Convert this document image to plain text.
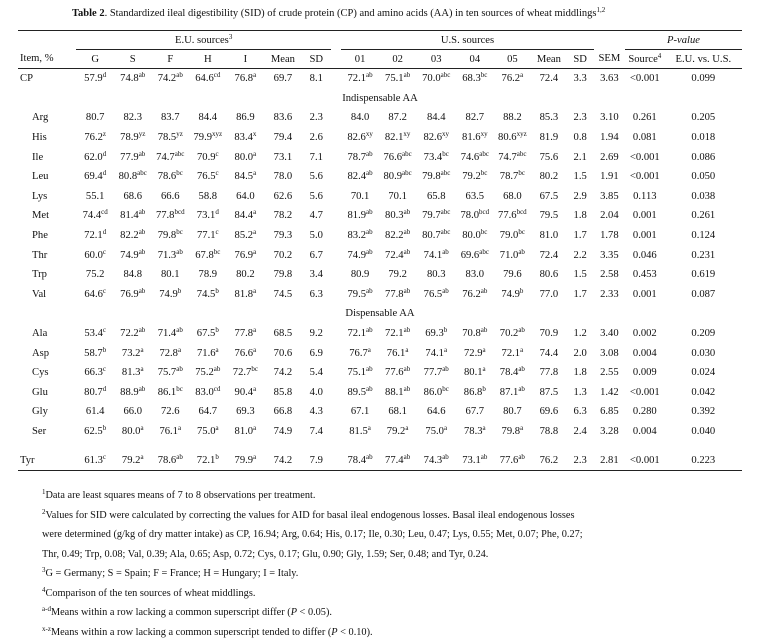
Table 2. Standardized ileal digestibility (SID) of crude protein (CP) and amino acids (AA) in ten sources of wheat middlings$^{1,2}$
	E.U. sources$^3$								U.S. sources								P-value	
Item, %	G	S	F	H	I	Mean	SD		01	02	03	04	05	Mean	SD	SEM	Source$^4$	E.U. vs. U.S.
CP	57.9$^d$	74.8$^{ab}$	74.2$^{ab}$	64.6$^{cd}$	76.8$^a$	69.7	8.1		72.1$^{ab}$	75.1$^{ab}$	70.0$^{abc}$	68.3$^{bc}$	76.2$^a$	72.4	3.3	3.63	<0.001	0.099
Indispensable AA																		
Arg	80.7	82.3	83.7	84.4	86.9	83.6	2.3		84.0	87.2	84.4	82.7	88.2	85.3	2.3	3.10	0.261	0.205
His	76.2$^z$	$78.9^{yz}$	$78.5^{yz}$	$79.9^{xyz}$	83.4$^x$	79.4	2.6		$82.6^{xy}$	$82.1^{xy}$	$82.6^{xy}$	$81.6^{xy}$	$80.6^{xyz}$	81.9	0.8	1.94	0.081	0.018
Ile	62.0$^d$	77.9$^{ab}$	74.7$^{abc}$	70.9$^c$	80.0$^a$	73.1	7.1		78.7$^{ab}$	76.6$^{abc}$	73.4$^{bc}$	74.6$^{abc}$	74.7$^{abc}$	75.6	2.1	2.69	<0.001	0.086
Leu	69.4$^d$	80.8$^{abc}$	78.6$^{bc}$	76.5$^c$	84.5$^a$	78.0	5.6		82.4$^{ab}$	80.9$^{abc}$	79.8$^{abc}$	79.2$^{bc}$	78.7$^{bc}$	80.2	1.5	1.91	<0.001	0.050
Lys	55.1	68.6	66.6	58.8	64.0	62.6	5.6		70.1	70.1	65.8	63.5	68.0	67.5	2.9	3.85	0.113	0.038
Met	74.4$^{cd}$	81.4$^{ab}$	77.8$^{bcd}$	73.1$^d$	84.4$^a$	78.2	4.7		81.9$^{ab}$	80.3$^{ab}$	79.7$^{abc}$	78.0$^{bcd}$	77.6$^{bcd}$	79.5	1.8	2.04	0.001	0.261
Phe	72.1$^d$	82.2$^{ab}$	79.8$^{bc}$	77.1$^c$	85.2$^a$	79.3	5.0		83.2$^{ab}$	82.2$^{ab}$	80.7$^{abc}$	80.0$^{bc}$	79.0$^{bc}$	81.0	1.7	1.78	0.001	0.124
Thr	60.0$^c$	74.9$^{ab}$	71.3$^{ab}$	67.8$^{bc}$	76.9$^a$	70.2	6.7		74.9$^{ab}$	72.4$^{ab}$	74.1$^{ab}$	69.6$^{abc}$	71.0$^{ab}$	72.4	2.2	3.35	0.046	0.231
Trp	75.2	84.8	80.1	78.9	80.2	79.8	3.4		80.9	79.2	80.3	83.0	79.6	80.6	1.5	2.58	0.453	0.619
Val	64.6$^c$	76.9$^{ab}$	74.9$^b$	74.5$^b$	81.8$^a$	74.5	6.3		79.5$^{ab}$	77.8$^{ab}$	76.5$^{ab}$	76.2$^{ab}$	74.9$^b$	77.0	1.7	2.33	0.001	0.087
Dispensable AA																		
Ala	53.4$^c$	72.2$^{ab}$	71.4$^{ab}$	67.5$^b$	77.8$^a$	68.5	9.2		72.1$^{ab}$	72.1$^{ab}$	69.3$^b$	70.8$^{ab}$	70.2$^{ab}$	70.9	1.2	3.40	0.002	0.209
Asp	58.7$^b$	73.2$^a$	72.8$^a$	71.6$^a$	76.6$^a$	70.6	6.9		76.7$^a$	76.1$^a$	74.1$^a$	72.9$^a$	72.1$^a$	74.4	2.0	3.08	0.004	0.030
Cys	66.3$^c$	81.3$^a$	75.7$^{ab}$	75.2$^{ab}$	72.7$^{bc}$	74.2	5.4		75.1$^{ab}$	77.6$^{ab}$	77.7$^{ab}$	80.1$^a$	78.4$^{ab}$	77.8	1.8	2.55	0.009	0.024
Glu	80.7$^d$	88.9$^{ab}$	86.1$^{bc}$	83.0$^{cd}$	90.4$^a$	85.8	4.0		89.5$^{ab}$	88.1$^{ab}$	86.0$^{bc}$	86.8$^b$	87.1$^{ab}$	87.5	1.3	1.42	<0.001	0.042
Gly	61.4	66.0	72.6	64.7	69.3	66.8	4.3		67.1	68.1	64.6	67.7	80.7	69.6	6.3	6.85	0.280	0.392
Ser	62.5$^b$	80.0$^a$	76.1$^a$	75.0$^a$	81.0$^a$	74.9	7.4		81.5$^a$	79.2$^a$	75.0$^a$	78.3$^a$	79.8$^a$	78.8	2.4	3.28	0.004	0.040

Tyr	61.3$^c$	79.2$^a$	78.6$^{ab}$	72.1$^b$	79.9$^a$	74.2	7.9		78.4$^{ab}$	77.4$^{ab}$	74.3$^{ab}$	73.1$^{ab}$	77.6$^{ab}$	76.2	2.3	2.81	<0.001	0.223

$^1$Data are least squares means of 7 to 8 observations per treatment.

$^2$Values for SID were calculated by correcting the values for AID for basal ileal endogenous losses. Basal ileal endogenous losses

were determined (g/kg of dry matter intake) as CP, 16.94; Arg, 0.64; His, 0.17; Ile, 0.30; Leu, 0.47; Lys, 0.55; Met, 0.07; Phe, 0.27;

Thr, 0.49; Trp, 0.08; Val, 0.39; Ala, 0.65; Asp, 0.72; Cys, 0.17; Glu, 0.90; Gly, 1.59; Ser, 0.48; and Tyr, 0.24.

$^3$G = Germany; S = Spain; F = France; H = Hungary; I = Italy.

$^4$Comparison of the ten sources of wheat middlings.

$^{a-d}$Means within a row lacking a common superscript differ (P < 0.05).

$^{x-z}$Means within a row lacking a common superscript tended to differ (P < 0.10).
